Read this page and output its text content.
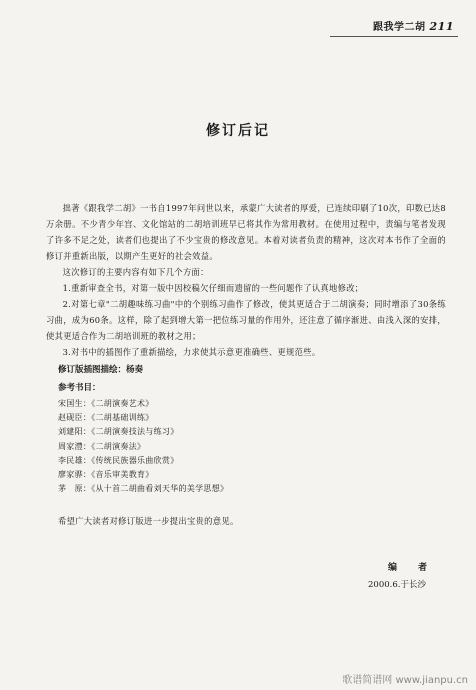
跟我学二胡 211
修订后记

拙著《跟我学二胡》一书自1997年问世以来，承蒙广大读者的厚爱，已连续印刷了10次，印数已达8万余册。不少青少年宫、文化馆站的二胡培训班早已将其作为常用教材。在使用过程中，责编与笔者发现了许多不足之处，读者们也提出了不少宝贵的修改意见。本着对读者负责的精神，这次对本书作了全面的修订并重新出版，以期产生更好的社会效益。

这次修订的主要内容有如下几个方面：

1.重新审查全书，对第一版中因校稿欠仔细而遗留的一些问题作了认真地修改；

2.对第七章"二胡趣味练习曲"中的个别练习曲作了修改，使其更适合于二胡演奏；同时增添了30条练习曲，成为60条。这样，除了起到增大第一把位练习量的作用外，还注意了循序渐进、由浅入深的安排，使其更适合作为二胡培训班的教材之用；

3.对书中的插图作了重新描绘，力求使其示意更准确些、更规范些。

修订版插图描绘：杨奏
参考书目：
宋国生：《二胡演奏艺术》
赵砚臣：《二胡基础训练》
刘建阳：《二胡演奏技法与练习》
周家澧：《二胡演奏法》
李民雄：《传统民族器乐曲欣赏》
廖家骅：《音乐审美教育》
茅　原：《从十首二胡曲看刘天华的美学思想》
希望广大读者对修订版进一步提出宝贵的意见。
编　者
2000.6.于长沙
歌谱简谱网 www.jianpu.cn
